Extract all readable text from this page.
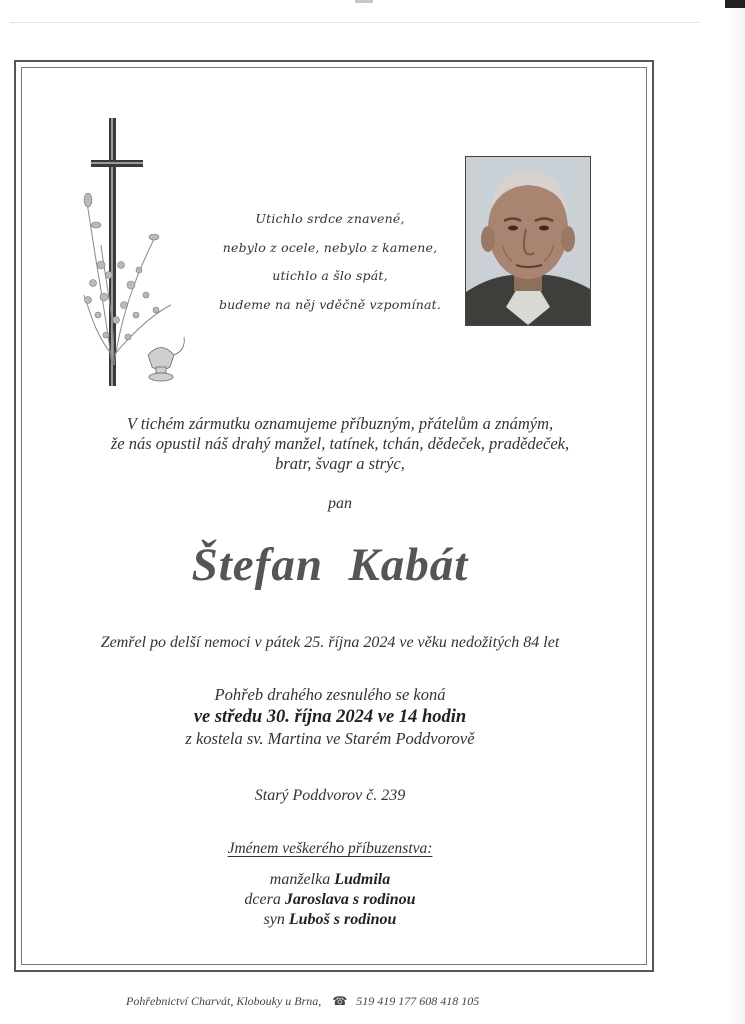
Utichlo srdce znavené,
nebylo z ocele, nebylo z kamene,
utichlo a šlo spát,
budeme na něj vděčně vzpomínat.
V tichém zármutku oznamujeme příbuzným, přátelům a známým,
že nás opustil náš drahý manžel, tatínek, tchán, dědeček, pradědeček,
bratr, švagr a strýc,
pan
Štefan  Kabát
Zemřel po delší nemoci v pátek 25. října 2024 ve věku nedožitých 84 let
Pohřeb drahého zesnulého se koná
ve středu 30. října 2024 ve 14 hodin
z kostela sv. Martina ve Starém Poddvorově
Starý Poddvorov č. 239
Jménem veškerého příbuzenstva:
manželka Ludmila
dcera Jaroslava s rodinou
syn Luboš s rodinou
Pohřebnictví Charvát, Klobouky u Brna, ☎ 519 419 177 608 418 105
